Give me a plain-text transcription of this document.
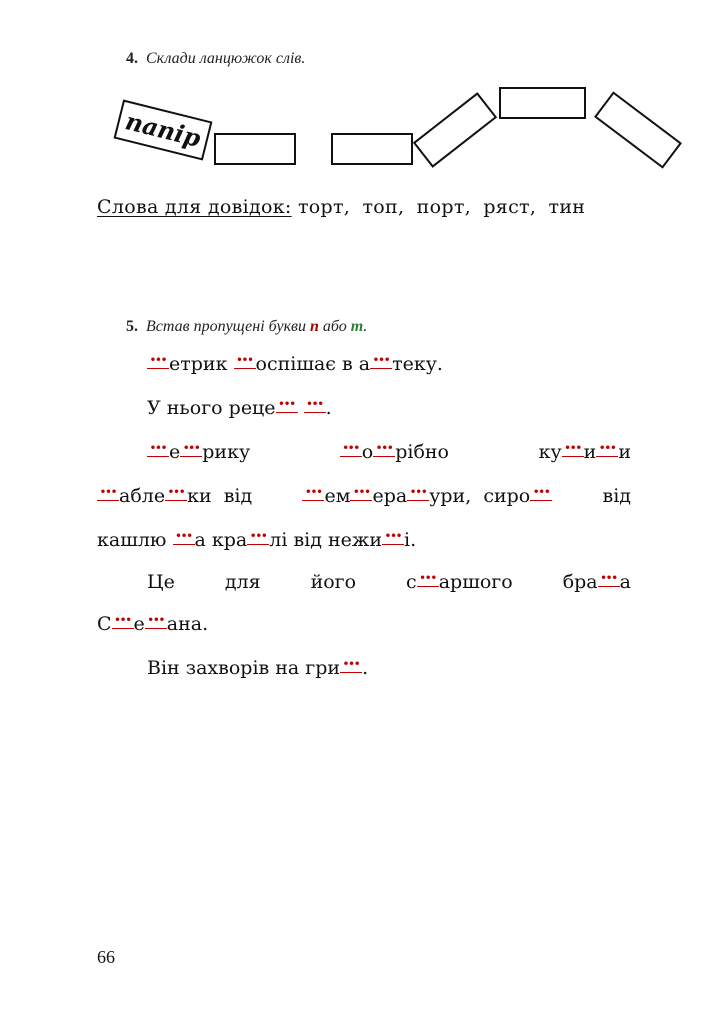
4. Склади ланцюжок слів.
папір
Слова для довідок: торт, топ, порт, ряст, тин
5. Встав пропущені букви п або т.
··· етрик ··· оспішає в а ··· теку.
У нього реце ··· ··· .
··· е ··· рику	··· о ··· рібно	ку ··· и ··· и
··· абле ··· ки  від	··· ем ··· ера ··· ури,  сиро ···	від
кашлю ··· а кра ··· лі від нежи ··· і.
Це	для	його	с ··· аршого	бра ··· а
С ··· е ··· ана.
Він захворів на гри ··· .
66
